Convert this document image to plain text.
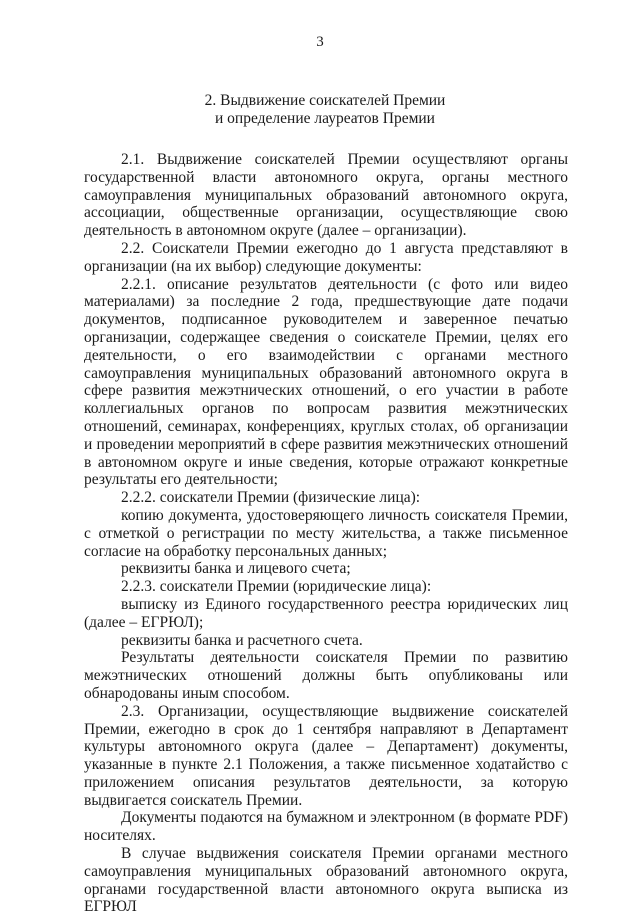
3
2. Выдвижение соискателей Премии
и определение лауреатов Премии

2.1. Выдвижение соискателей Премии осуществляют органы государственной власти автономного округа, органы местного самоуправления муниципальных образований автономного округа, ассоциации, общественные организации, осуществляющие свою деятельность в автономном округе (далее – организации).

2.2. Соискатели Премии ежегодно до 1 августа представляют в организации (на их выбор) следующие документы:

2.2.1. описание результатов деятельности (с фото или видео материалами) за последние 2 года, предшествующие дате подачи документов, подписанное руководителем и заверенное печатью организации, содержащее сведения о соискателе Премии, целях его деятельности, о его взаимодействии с органами местного самоуправления муниципальных образований автономного округа в сфере развития межэтнических отношений, о его участии в работе коллегиальных органов по вопросам развития межэтнических отношений, семинарах, конференциях, круглых столах, об организации и проведении мероприятий в сфере развития межэтнических отношений в автономном округе и иные сведения, которые отражают конкретные результаты его деятельности;

2.2.2. соискатели Премии (физические лица):

копию документа, удостоверяющего личность соискателя Премии, с отметкой о регистрации по месту жительства, а также письменное согласие на обработку персональных данных;

реквизиты банка и лицевого счета;

2.2.3. соискатели Премии (юридические лица):

выписку из Единого государственного реестра юридических лиц (далее – ЕГРЮЛ);

реквизиты банка и расчетного счета.

Результаты деятельности соискателя Премии по развитию межэтнических отношений должны быть опубликованы или обнародованы иным способом.

2.3. Организации, осуществляющие выдвижение соискателей Премии, ежегодно в срок до 1 сентября направляют в Департамент культуры автономного округа (далее – Департамент) документы, указанные в пункте 2.1 Положения, а также письменное ходатайство с приложением описания результатов деятельности, за которую выдвигается соискатель Премии.

Документы подаются на бумажном и электронном (в формате PDF) носителях.

В случае выдвижения соискателя Премии органами местного самоуправления муниципальных образований автономного округа, органами государственной власти автономного округа выписка из ЕГРЮЛ
